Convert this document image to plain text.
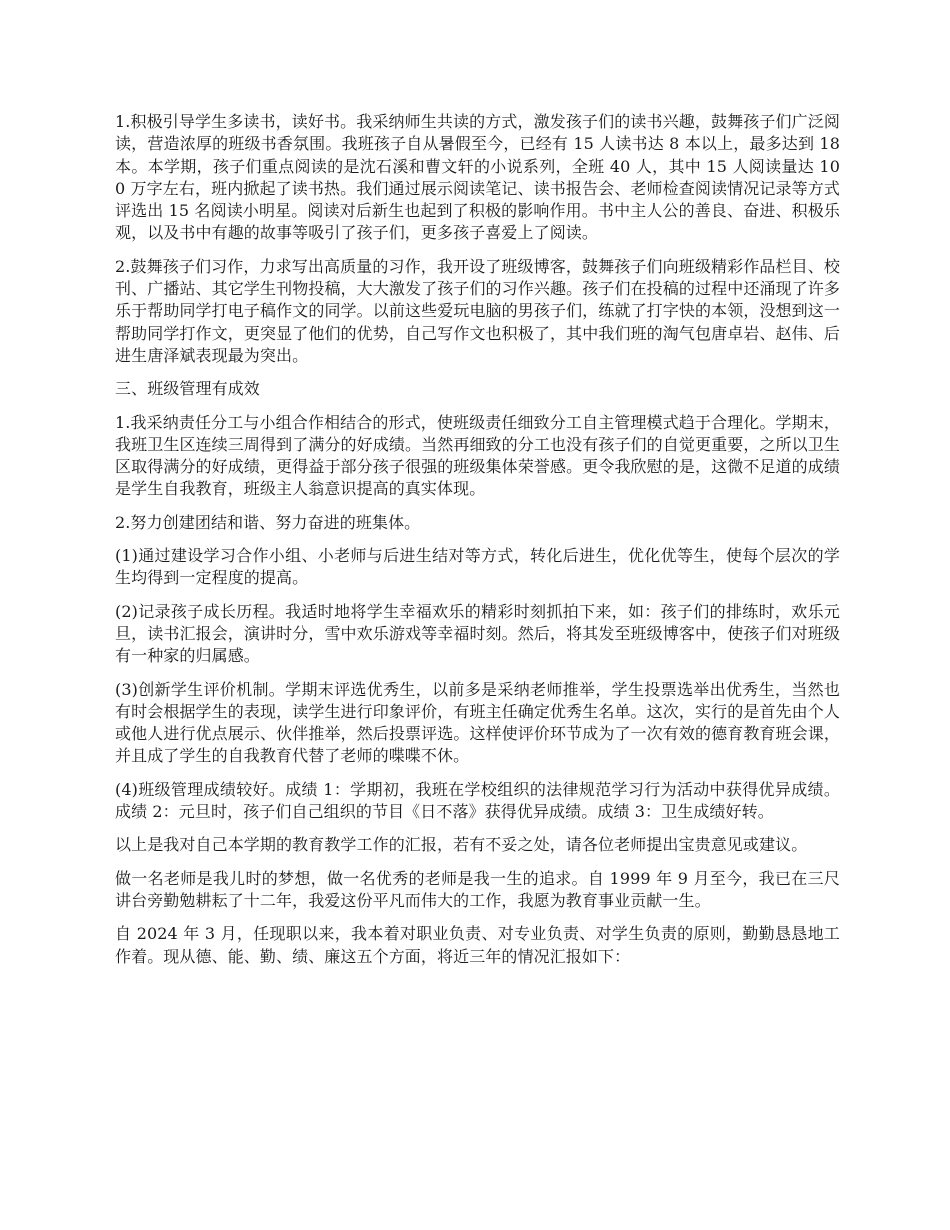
1.积极引导学生多读书，读好书。我采纳师生共读的方式，激发孩子们的读书兴趣，鼓舞孩子们广泛阅读，营造浓厚的班级书香氛围。我班孩子自从暑假至今，已经有 15 人读书达 8 本以上，最多达到 18 本。本学期，孩子们重点阅读的是沈石溪和曹文轩的小说系列，全班 40 人，其中 15 人阅读量达 100 万字左右，班内掀起了读书热。我们通过展示阅读笔记、读书报告会、老师检查阅读情况记录等方式评选出 15 名阅读小明星。阅读对后新生也起到了积极的影响作用。书中主人公的善良、奋进、积极乐观，以及书中有趣的故事等吸引了孩子们，更多孩子喜爱上了阅读。

2.鼓舞孩子们习作，力求写出高质量的习作，我开设了班级博客，鼓舞孩子们向班级精彩作品栏目、校刊、广播站、其它学生刊物投稿，大大激发了孩子们的习作兴趣。孩子们在投稿的过程中还涌现了许多乐于帮助同学打电子稿作文的同学。以前这些爱玩电脑的男孩子们，练就了打字快的本领，没想到这一帮助同学打作文，更突显了他们的优势，自己写作文也积极了，其中我们班的淘气包唐卓岩、赵伟、后进生唐泽斌表现最为突出。

三、班级管理有成效

1.我采纳责任分工与小组合作相结合的形式，使班级责任细致分工自主管理模式趋于合理化。学期末，我班卫生区连续三周得到了满分的好成绩。当然再细致的分工也没有孩子们的自觉更重要，之所以卫生区取得满分的好成绩，更得益于部分孩子很强的班级集体荣誉感。更令我欣慰的是，这微不足道的成绩是学生自我教育，班级主人翁意识提高的真实体现。

2.努力创建团结和谐、努力奋进的班集体。

(1)通过建设学习合作小组、小老师与后进生结对等方式，转化后进生，优化优等生，使每个层次的学生均得到一定程度的提高。

(2)记录孩子成长历程。我适时地将学生幸福欢乐的精彩时刻抓拍下来，如：孩子们的排练时，欢乐元旦，读书汇报会，演讲时分，雪中欢乐游戏等幸福时刻。然后，将其发至班级博客中，使孩子们对班级有一种家的归属感。

(3)创新学生评价机制。学期末评选优秀生，以前多是采纳老师推举，学生投票选举出优秀生，当然也有时会根据学生的表现，读学生进行印象评价，有班主任确定优秀生名单。这次，实行的是首先由个人或他人进行优点展示、伙伴推举，然后投票评选。这样使评价环节成为了一次有效的德育教育班会课，并且成了学生的自我教育代替了老师的喋喋不休。

(4)班级管理成绩较好。成绩 1：学期初，我班在学校组织的法律规范学习行为活动中获得优异成绩。成绩 2：元旦时，孩子们自己组织的节目《日不落》获得优异成绩。成绩 3：卫生成绩好转。

以上是我对自己本学期的教育教学工作的汇报，若有不妥之处，请各位老师提出宝贵意见或建议。

做一名老师是我儿时的梦想，做一名优秀的老师是我一生的追求。自 1999 年 9 月至今，我已在三尺讲台旁勤勉耕耘了十二年，我爱这份平凡而伟大的工作，我愿为教育事业贡献一生。

自 2024 年 3 月，任现职以来，我本着对职业负责、对专业负责、对学生负责的原则，勤勤恳恳地工作着。现从德、能、勤、绩、廉这五个方面，将近三年的情况汇报如下：
